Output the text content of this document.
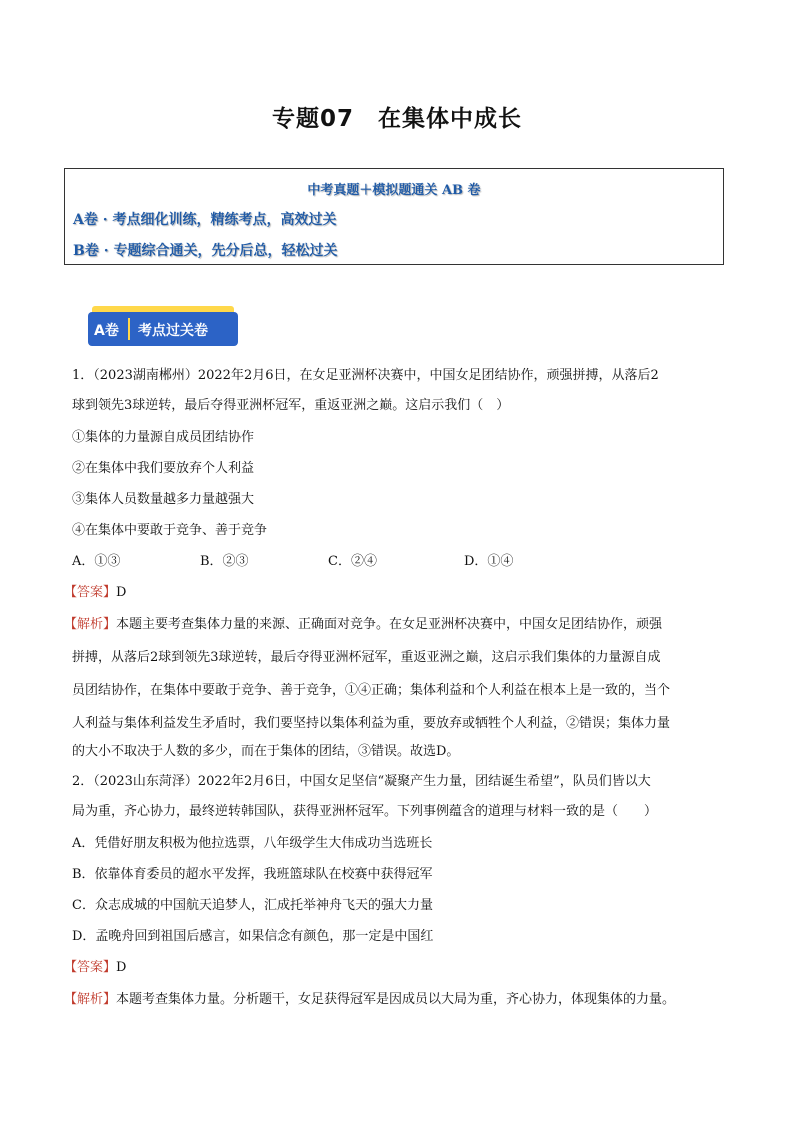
专题07　在集体中成长
中考真题＋模拟题通关 AB 卷
A卷 · 考点细化训练，精练考点，高效过关
B卷 · 专题综合通关，先分后总，轻松过关
A卷 考点过关卷
1．（2023湖南郴州）2022年2月6日，在女足亚洲杯决赛中，中国女足团结协作，顽强拼搏，从落后2
球到领先3球逆转，最后夺得亚洲杯冠军，重返亚洲之巅。这启示我们（　）
①集体的力量源自成员团结协作
②在集体中我们要放弃个人利益
③集体人员数量越多力量越强大
④在集体中要敢于竞争、善于竞争
A．①③	B．②③	C．②④	D．①④
【答案】D
【解析】本题主要考查集体力量的来源、正确面对竞争。在女足亚洲杯决赛中，中国女足团结协作，顽强
拼搏，从落后2球到领先3球逆转，最后夺得亚洲杯冠军，重返亚洲之巅，这启示我们集体的力量源自成
员团结协作，在集体中要敢于竞争、善于竞争，①④正确；集体利益和个人利益在根本上是一致的，当个
人利益与集体利益发生矛盾时，我们要坚持以集体利益为重，要放弃或牺牲个人利益，②错误；集体力量
的大小不取决于人数的多少，而在于集体的团结，③错误。故选D。
2．（2023山东菏泽）2022年2月6日，中国女足坚信“凝聚产生力量，团结诞生希望”，队员们皆以大
局为重，齐心协力，最终逆转韩国队，获得亚洲杯冠军。下列事例蕴含的道理与材料一致的是（　　）
A．凭借好朋友积极为他拉选票，八年级学生大伟成功当选班长
B．依靠体育委员的超水平发挥，我班篮球队在校赛中获得冠军
C．众志成城的中国航天追梦人，汇成托举神舟飞天的强大力量
D．孟晚舟回到祖国后感言，如果信念有颜色，那一定是中国红
【答案】D
【解析】本题考查集体力量。分析题干，女足获得冠军是因成员以大局为重，齐心协力，体现集体的力量。
